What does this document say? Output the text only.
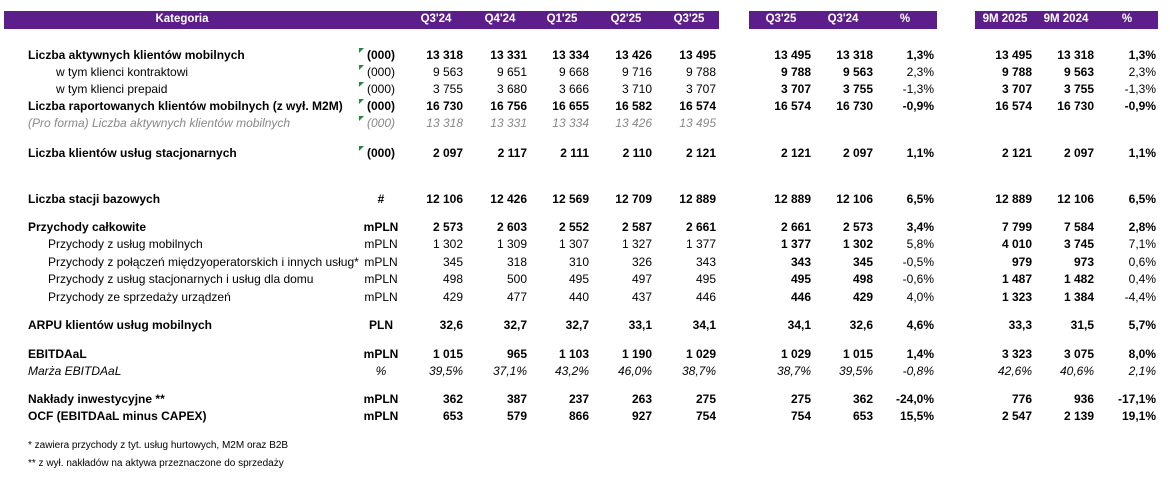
Kategoria	Q3'24	Q4'24	Q1'25	Q2'25	Q3'25	Q3'25	Q3'24	%	9M 2025	9M 2024	%
Liczba aktywnych klientów mobilnych	(000)	13 318	13 331	13 334	13 426	13 495	13 495	13 318	1,3%	13 495	13 318	1,3%
w tym klienci kontraktowi	(000)	9 563	9 651	9 668	9 716	9 788	9 788	9 563	2,3%	9 788	9 563	2,3%
w tym klienci prepaid	(000)	3 755	3 680	3 666	3 710	3 707	3 707	3 755	-1,3%	3 707	3 755	-1,3%
Liczba raportowanych klientów mobilnych (z wył. M2M)	(000)	16 730	16 756	16 655	16 582	16 574	16 574	16 730	-0,9%	16 574	16 730	-0,9%
(Pro forma) Liczba aktywnych klientów mobilnych	(000)	13 318	13 331	13 334	13 426	13 495
Liczba klientów usług stacjonarnych	(000)	2 097	2 117	2 111	2 110	2 121	2 121	2 097	1,1%	2 121	2 097	1,1%
Liczba stacji bazowych	#	12 106	12 426	12 569	12 709	12 889	12 889	12 106	6,5%	12 889	12 106	6,5%
Przychody całkowite	mPLN	2 573	2 603	2 552	2 587	2 661	2 661	2 573	3,4%	7 799	7 584	2,8%
Przychody z usług mobilnych	mPLN	1 302	1 309	1 307	1 327	1 377	1 377	1 302	5,8%	4 010	3 745	7,1%
Przychody z połączeń międzyoperatorskich i innych usług* mPLN	345	318	310	326	343	343	345	-0,5%	979	973	0,6%
Przychody z usług stacjonarnych i usług dla domu	mPLN	498	500	495	497	495	495	498	-0,6%	1 487	1 482	0,4%
Przychody ze sprzedaży urządzeń	mPLN	429	477	440	437	446	446	429	4,0%	1 323	1 384	-4,4%
ARPU klientów usług mobilnych	PLN	32,6	32,7	32,7	33,1	34,1	34,1	32,6	4,6%	33,3	31,5	5,7%
EBITDAaL	mPLN	1 015	965	1 103	1 190	1 029	1 029	1 015	1,4%	3 323	3 075	8,0%
Marża EBITDAaL	%	39,5%	37,1%	43,2%	46,0%	38,7%	38,7%	39,5%	-0,8%	42,6%	40,6%	2,1%
Nakłady inwestycyjne **	mPLN	362	387	237	263	275	275	362	-24,0%	776	936	-17,1%
OCF (EBITDAaL minus CAPEX)	mPLN	653	579	866	927	754	754	653	15,5%	2 547	2 139	19,1%
* zawiera przychody z tyt. usług hurtowych, M2M oraz B2B
** z wył. nakładów na aktywa przeznaczone do sprzedaży
